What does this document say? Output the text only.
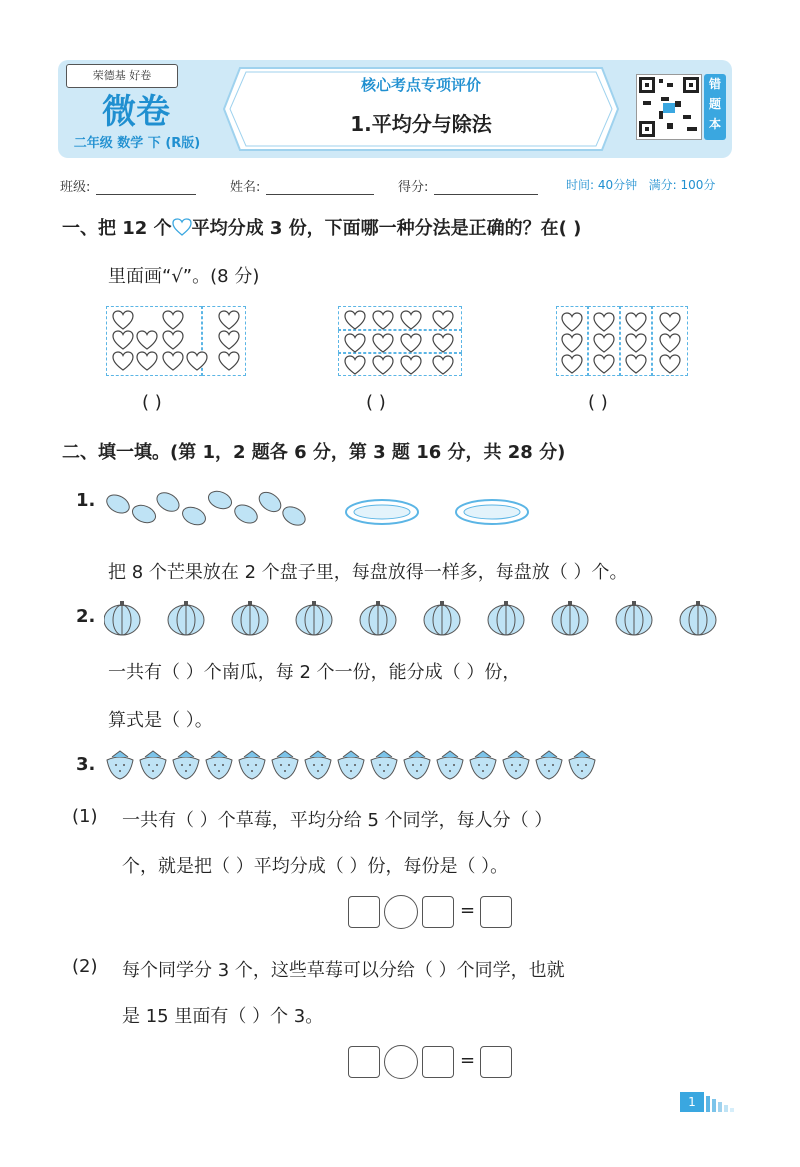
荣德基 好卷
微卷
二年级 数学 下 (R版)
核心考点专项评价
1.平均分与除法
错题本
班级:	姓名:	得分:	时间: 40分钟 满分: 100分
一、把 12 个 平均分成 3 份，下面哪一种分法是正确的？在( )
里面画“√”。(8 分)
( )	( )	( )
二、填一填。(第 1，2 题各 6 分，第 3 题 16 分，共 28 分)
1.
把 8 个芒果放在 2 个盘子里，每盘放得一样多，每盘放（ ）个。
2.
一共有（ ）个南瓜，每 2 个一份，能分成（ ）份，
算式是（ ）。
3.
(1) 一共有（ ）个草莓，平均分给 5 个同学，每人分（ ）
个，就是把（ ）平均分成（ ）份，每份是（ ）。
=
(2) 每个同学分 3 个，这些草莓可以分给（ ）个同学，也就
是 15 里面有（ ）个 3。
=
1
